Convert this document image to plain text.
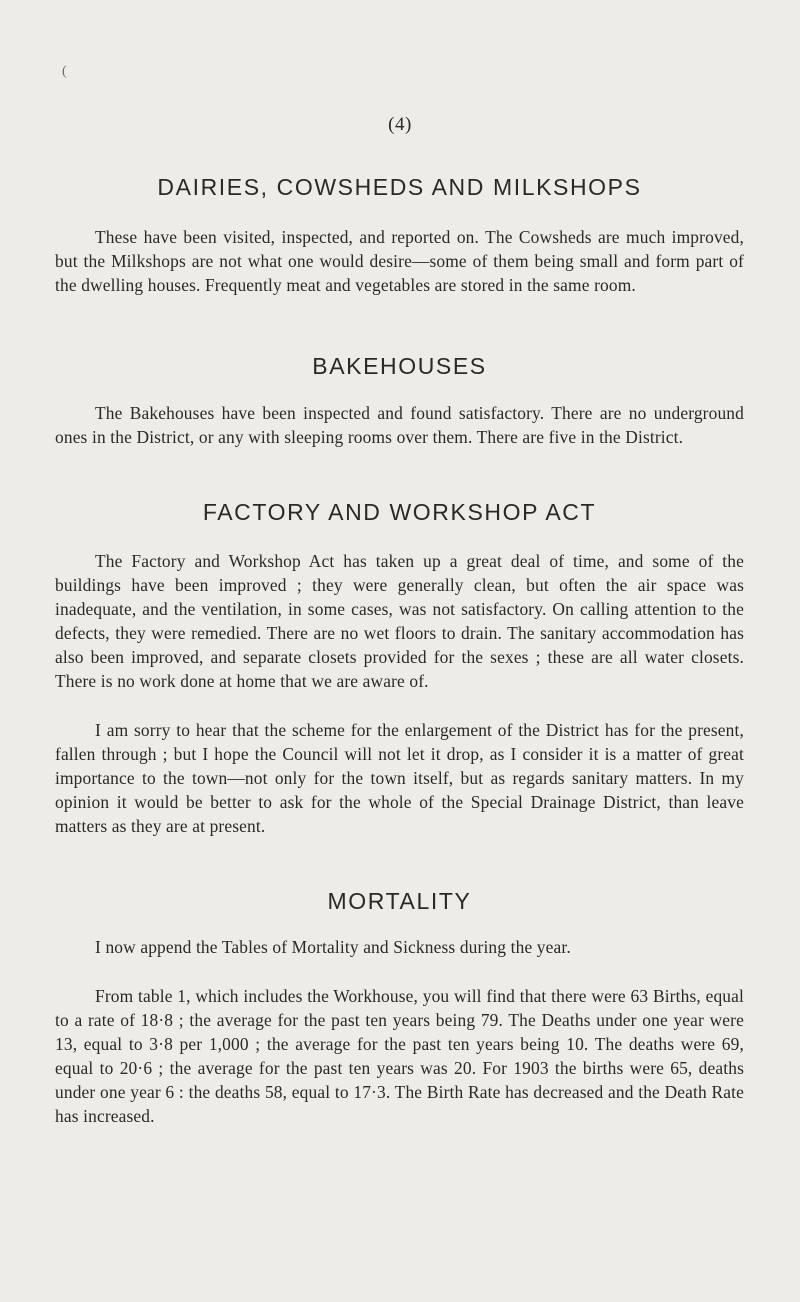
(
(4)
DAIRIES, COWSHEDS AND MILKSHOPS

These have been visited, inspected, and reported on. The Cowsheds are much improved, but the Milkshops are not what one would desire—some of them being small and form part of the dwelling houses. Frequently meat and vegetables are stored in the same room.

BAKEHOUSES

The Bakehouses have been inspected and found satisfactory. There are no underground ones in the District, or any with sleeping rooms over them. There are five in the District.

FACTORY AND WORKSHOP ACT

The Factory and Workshop Act has taken up a great deal of time, and some of the buildings have been improved ; they were generally clean, but often the air space was inadequate, and the ventilation, in some cases, was not satisfactory. On calling attention to the defects, they were remedied. There are no wet floors to drain. The sanitary accommodation has also been improved, and separate closets provided for the sexes ; these are all water closets. There is no work done at home that we are aware of.

I am sorry to hear that the scheme for the enlargement of the District has for the present, fallen through ; but I hope the Council will not let it drop, as I consider it is a matter of great importance to the town—not only for the town itself, but as regards sanitary matters. In my opinion it would be better to ask for the whole of the Special Drainage District, than leave matters as they are at present.

MORTALITY

I now append the Tables of Mortality and Sickness during the year.

From table 1, which includes the Workhouse, you will find that there were 63 Births, equal to a rate of 18·8 ; the average for the past ten years being 79. The Deaths under one year were 13, equal to 3·8 per 1,000 ; the average for the past ten years being 10. The deaths were 69, equal to 20·6 ; the average for the past ten years was 20. For 1903 the births were 65, deaths under one year 6 : the deaths 58, equal to 17·3. The Birth Rate has decreased and the Death Rate has increased.
